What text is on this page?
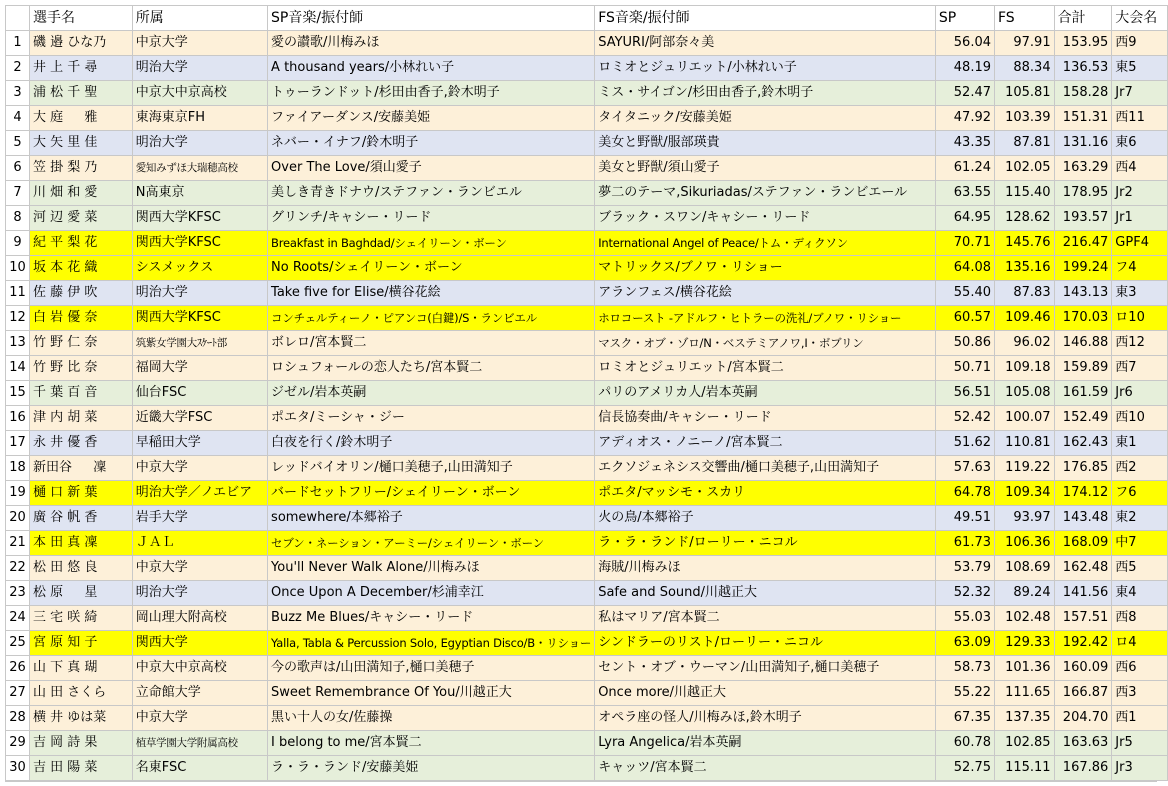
	選手名	所属	SP音楽/振付師	FS音楽/振付師	SP	FS	合計	大会名
1	磯 邉 ひな乃	中京大学	愛の讃歌/川梅みほ	SAYURI/阿部奈々美	56.04	97.91	153.95	西9
2	井 上 千 尋	明治大学	A thousand years/小林れい子	ロミオとジュリエット/小林れい子	48.19	88.34	136.53	東5
3	浦 松 千 聖	中京大中京高校	トゥーランドット/杉田由香子,鈴木明子	ミス・サイゴン/杉田由香子,鈴木明子	52.47	105.81	158.28	Jr7
4	大 庭 　 雅	東海東京FH	ファイアーダンス/安藤美姫	タイタニック/安藤美姫	47.92	103.39	151.31	西11
5	大 矢 里 佳	明治大学	ネバー・イナフ/鈴木明子	美女と野獣/服部瑛貴	43.35	87.81	131.16	東6
6	笠 掛 梨 乃	愛知みずほ大瑞穂高校	Over The Love/須山愛子	美女と野獣/須山愛子	61.24	102.05	163.29	西4
7	川 畑 和 愛	N高東京	美しき青きドナウ/ステファン・ランビエル	夢二のテーマ,Sikuriadas/ステファン・ランビエール	63.55	115.40	178.95	Jr2
8	河 辺 愛 菜	関西大学KFSC	グリンチ/キャシー・リード	ブラック・スワン/キャシー・リード	64.95	128.62	193.57	Jr1
9	紀 平 梨 花	関西大学KFSC	Breakfast in Baghdad/シェイリーン・ボーン	International Angel of Peace/トム・ディクソン	70.71	145.76	216.47	GPF4
10	坂 本 花 織	シスメックス	No Roots/シェイリーン・ボーン	マトリックス/ブノワ・リショー	64.08	135.16	199.24	フ4
11	佐 藤 伊 吹	明治大学	Take five for Elise/横谷花絵	アランフェス/横谷花絵	55.40	87.83	143.13	東3
12	白 岩 優 奈	関西大学KFSC	コンチェルティーノ・ピアンコ(白鍵)/S・ランビエル	ホロコースト -アドルフ・ヒトラーの洗礼/ブノワ・リショー	60.57	109.46	170.03	ロ10
13	竹 野 仁 奈	筑紫女学園大ｽｹｰﾄ部	ボレロ/宮本賢二	マスク・オブ・ゾロ/N・ベステミアノワ,I・ボブリン	50.86	96.02	146.88	西12
14	竹 野 比 奈	福岡大学	ロシュフォールの恋人たち/宮本賢二	ロミオとジュリエット/宮本賢二	50.71	109.18	159.89	西7
15	千 葉 百 音	仙台FSC	ジゼル/岩本英嗣	パリのアメリカ人/岩本英嗣	56.51	105.08	161.59	Jr6
16	津 内 胡 菜	近畿大学FSC	ポエタ/ミーシャ・ジー	信長協奏曲/キャシー・リード	52.42	100.07	152.49	西10
17	永 井 優 香	早稲田大学	白夜を行く/鈴木明子	アディオス・ノニーノ/宮本賢二	51.62	110.81	162.43	東1
18	新田谷 　 凜	中京大学	レッドバイオリン/樋口美穂子,山田満知子	エクソジェネシス交響曲/樋口美穂子,山田満知子	57.63	119.22	176.85	西2
19	樋 口 新 葉	明治大学／ノエビア	バードセットフリー/シェイリーン・ボーン	ポエタ/マッシモ・スカリ	64.78	109.34	174.12	フ6
20	廣 谷 帆 香	岩手大学	somewhere/本郷裕子	火の鳥/本郷裕子	49.51	93.97	143.48	東2
21	本 田 真 凜	ＪＡＬ	セブン・ネーション・アーミー/シェイリーン・ボーン	ラ・ラ・ランド/ローリー・ニコル	61.73	106.36	168.09	中7
22	松 田 悠 良	中京大学	You'll Never Walk Alone/川梅みほ	海賊/川梅みほ	53.79	108.69	162.48	西5
23	松 原 　 星	明治大学	Once Upon A December/杉浦幸江	Safe and Sound/川越正大	52.32	89.24	141.56	東4
24	三 宅 咲 綺	岡山理大附高校	Buzz Me Blues/キャシー・リード	私はマリア/宮本賢二	55.03	102.48	157.51	西8
25	宮 原 知 子	関西大学	Yalla, Tabla & Percussion Solo, Egyptian Disco/B・リショー	シンドラーのリスト/ローリー・ニコル	63.09	129.33	192.42	ロ4
26	山 下 真 瑚	中京大中京高校	今の歌声は/山田満知子,樋口美穂子	セント・オブ・ウーマン/山田満知子,樋口美穂子	58.73	101.36	160.09	西6
27	山 田 さくら	立命館大学	Sweet Remembrance Of You/川越正大	Once more/川越正大	55.22	111.65	166.87	西3
28	横 井 ゆは菜	中京大学	黒い十人の女/佐藤操	オペラ座の怪人/川梅みほ,鈴木明子	67.35	137.35	204.70	西1
29	吉 岡 詩 果	植草学園大学附属高校	I belong to me/宮本賢二	Lyra Angelica/岩本英嗣	60.78	102.85	163.63	Jr5
30	吉 田 陽 菜	名東FSC	ラ・ラ・ランド/安藤美姫	キャッツ/宮本賢二	52.75	115.11	167.86	Jr3
